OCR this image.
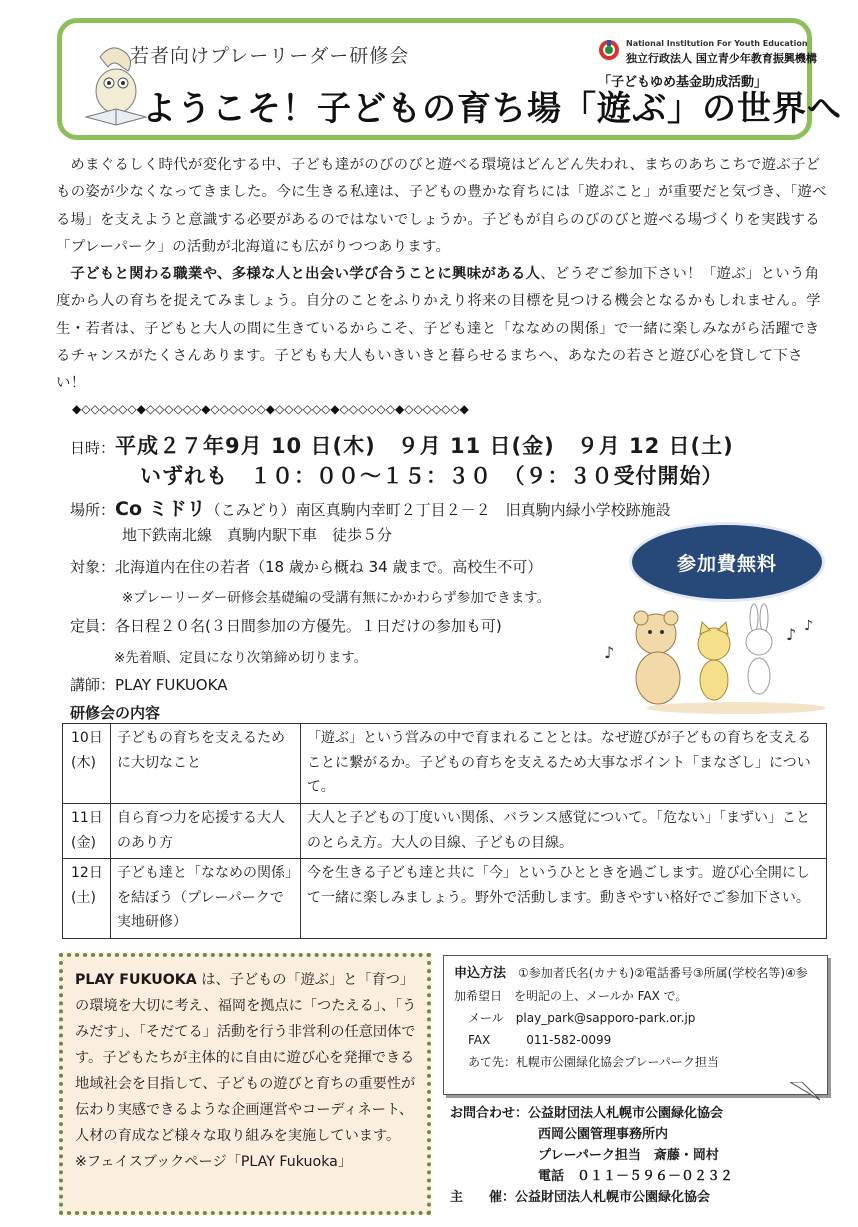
若者向けプレーリーダー研修会
ようこそ！子どもの育ち場「遊ぶ」の世界へ
National Institution For Youth Education
独立行政法人 国立青少年教育振興機構
「子どもゆめ基金助成活動」

めまぐるしく時代が変化する中、子ども達がのびのびと遊べる環境はどんどん失われ、まちのあちこちで遊ぶ子どもの姿が少なくなってきました。今に生きる私達は、子どもの豊かな育ちには「遊ぶこと」が重要だと気づき、「遊べる場」を支えようと意識する必要があるのではないでしょうか。子どもが自らのびのびと遊べる場づくりを実践する「プレーパーク」の活動が北海道にも広がりつつあります。

子どもと関わる職業や、多様な人と出会い学び合うことに興味がある人、どうぞご参加下さい！「遊ぶ」という角度から人の育ちを捉えてみましょう。自分のことをふりかえり将来の目標を見つける機会となるかもしれません。学生・若者は、子どもと大人の間に生きているからこそ、子ども達と「ななめの関係」で一緒に楽しみながら活躍できるチャンスがたくさんあります。子どもも大人もいきいきと暮らせるまちへ、あなたの若さと遊び心を貸して下さい！

◆◇◇◇◇◇◇◆◇◇◇◇◇◇◆◇◇◇◇◇◇◆◇◇◇◇◇◇◆◇◇◇◇◇◇◆◇◇◇◇◇◇◆
日時：平成２７年9月 10 日(木)　９月 11 日(金)　９月 12 日(土)
いずれも　１０：００～１５：３０　（９：３０受付開始）
場所：Co ミドリ（こみどり）南区真駒内幸町２丁目２－２　旧真駒内緑小学校跡施設
地下鉄南北線　真駒内駅下車　徒歩５分
対象：北海道内在住の若者（18 歳から概ね 34 歳まで。高校生不可）
※プレーリーダー研修会基礎編の受講有無にかかわらず参加できます。
定員：各日程２０名(３日間参加の方優先。１日だけの参加も可)
※先着順、定員になり次第締め切ります。
講師：PLAY FUKUOKA
参加費無料
♪
♪ ♪
研修会の内容
10日(木)	子どもの育ちを支えるために大切なこと	「遊ぶ」という営みの中で育まれることとは。なぜ遊びが子どもの育ちを支えることに繋がるか。子どもの育ちを支えるため大事なポイント「まなざし」について。
11日(金)	自ら育つ力を応援する大人のあり方	大人と子どもの丁度いい関係、バランス感覚について。「危ない」「まずい」ことのとらえ方。大人の目線、子どもの目線。
12日(土)	子ども達と「ななめの関係」を結ぼう（プレーパークで実地研修）	今を生きる子ども達と共に「今」というひとときを過ごします。遊び心全開にして一緒に楽しみましょう。野外で活動します。動きやすい格好でご参加下さい。
PLAY FUKUOKA は、子どもの「遊ぶ」と「育つ」の環境を大切に考え、福岡を拠点に「つたえる」、「うみだす」、「そだてる」活動を行う非営利の任意団体です。子どもたちが主体的に自由に遊び心を発揮できる地域社会を目指して、子どもの遊びと育ちの重要性が伝わり実感できるような企画運営やコーディネート、人材の育成など様々な取り組みを実施しています。
※フェイスブックページ「PLAY Fukuoka」
申込方法　 ①参加者氏名(カナも)②電話番号③所属(学校名等)④参加希望日　を明記の上、メールか FAX で。
メール　 play_park@sapporo-park.or.jp
FAX　　　	011-582-0099
あて先：札幌市公園緑化協会プレーパーク担当
お問合わせ：公益財団法人札幌市公園緑化協会
西岡公園管理事務所内
プレーパーク担当　斎藤・岡村
電話　０１１－５９６－０２３２
主　　催：公益財団法人札幌市公園緑化協会
